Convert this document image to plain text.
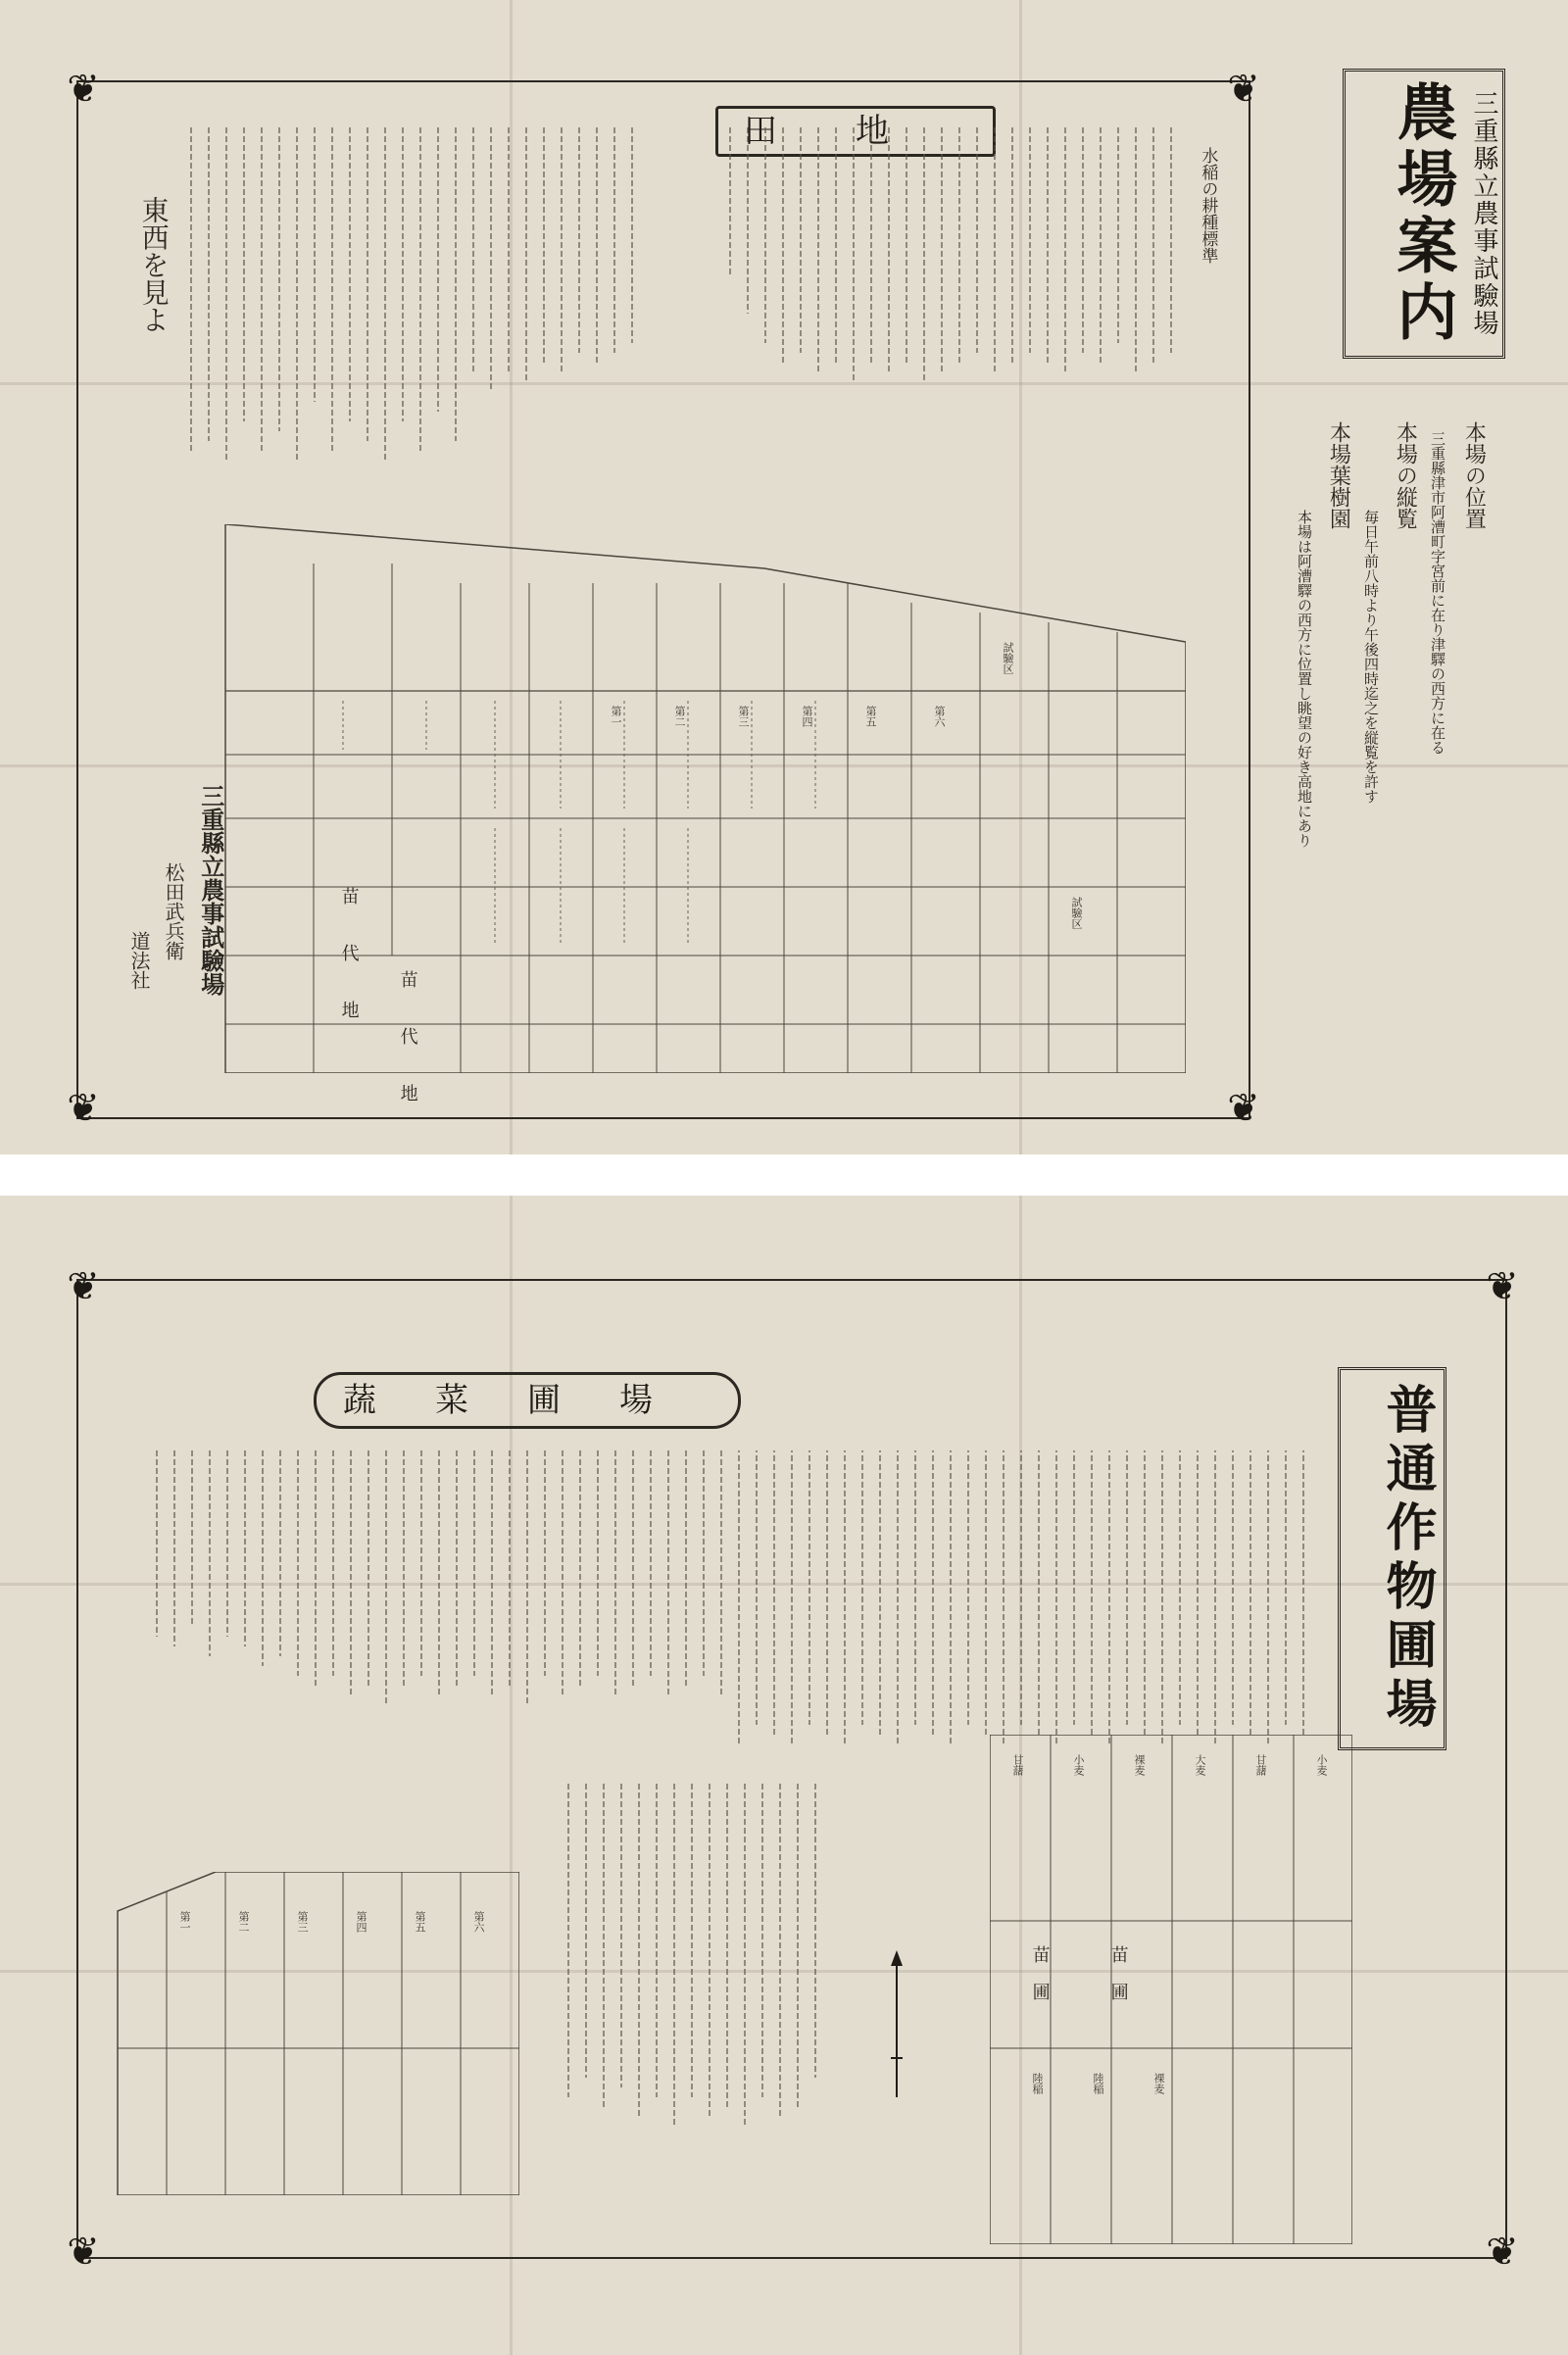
❦	❦
❦	❦
三重縣立農事試驗場 農場案内
本場の位置
三重縣津市阿漕町字宮前に在り津驛の西方に在る
本場の縦覧
毎日午前八時より午後四時迄之を縦覧を許す
本場葉樹園
本場は阿漕驛の西方に位置し眺望の好き高地にあり
田地
水稲の耕種標準
東西を見よ
苗代地 苗代地
試驗区
試驗区
第一	第二	第三	第四	第五	第六
三重縣立農事試驗場
松田武兵衛
道法社
❦	❦
❦	❦
普通作物圃場
蔬菜圃場
第一	第二	第三	第四	第五	第六
小麦
甘藷
大麦
裸麦
小麦
甘藷
陸稲	陸稲	裸麦
苗圃	苗圃
